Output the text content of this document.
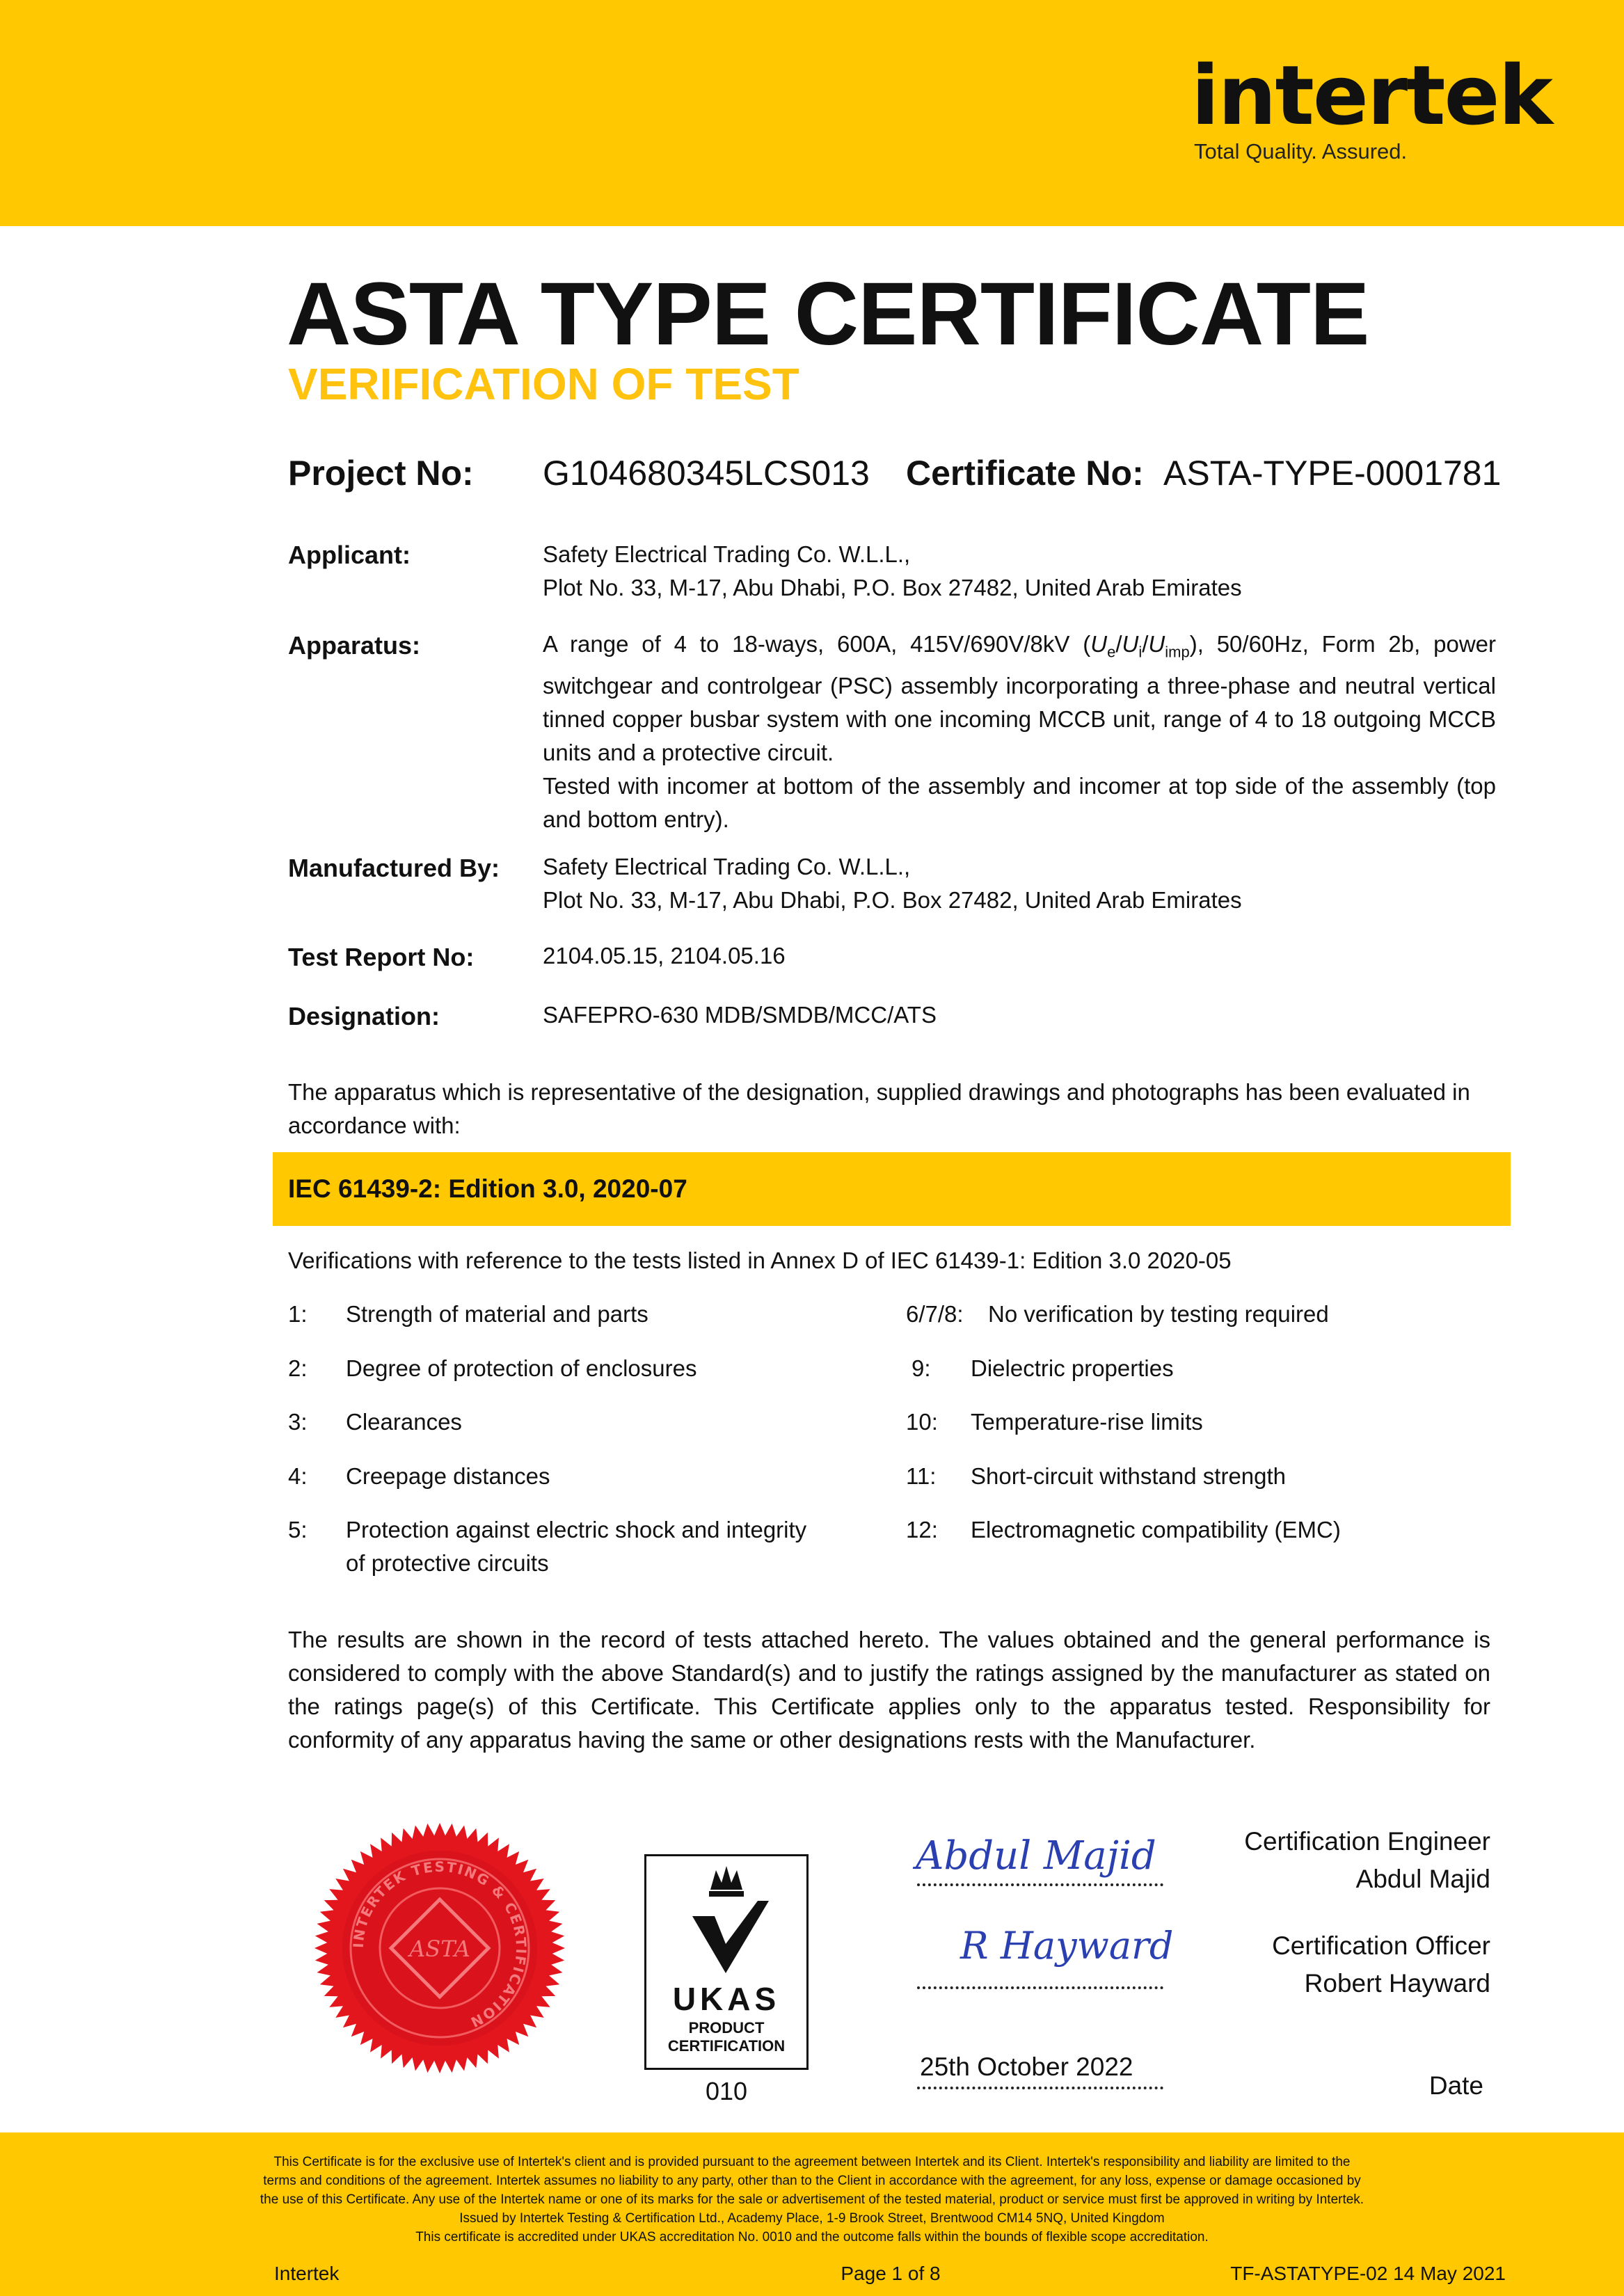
intertek
Total Quality. Assured.
ASTA TYPE CERTIFICATE
VERIFICATION OF TEST
Project No: G104680345LCS013 Certificate No: ASTA-TYPE-0001781
Applicant:	Safety Electrical Trading Co. W.L.L.,
Plot No. 33, M-17, Abu Dhabi, P.O. Box 27482, United Arab Emirates
Apparatus:	A range of 4 to 18-ways, 600A, 415V/690V/8kV $(U_e/U_i/U_{imp})$, 50/60Hz, Form 2b, power switchgear and controlgear (PSC) assembly incorporating a three-phase and neutral vertical tinned copper busbar system with one incoming MCCB unit, range of 4 to 18 outgoing MCCB units and a protective circuit.
Tested with incomer at bottom of the assembly and incomer at top side of the assembly (top and bottom entry).
Manufactured By: Safety Electrical Trading Co. W.L.L.,
Plot No. 33, M-17, Abu Dhabi, P.O. Box 27482, United Arab Emirates
Test Report No:	2104.05.15, 2104.05.16
Designation:	SAFEPRO-630 MDB/SMDB/MCC/ATS
The apparatus which is representative of the designation, supplied drawings and photographs has been evaluated in accordance with:
IEC 61439-2: Edition 3.0, 2020-07
Verifications with reference to the tests listed in Annex D of IEC 61439-1: Edition 3.0 2020-05
1: Strength of material and parts
2: Degree of protection of enclosures
3: Clearances
4: Creepage distances
5: Protection against electric shock and integrity
of protective circuits
6/7/8: No verification by testing required
9: Dielectric properties
10: Temperature-rise limits
11: Short-circuit withstand strength
12: Electromagnetic compatibility (EMC)
The results are shown in the record of tests attached hereto. The values obtained and the general performance is considered to comply with the above Standard(s) and to justify the ratings assigned by the manufacturer as stated on the ratings page(s) of this Certificate. This Certificate applies only to the apparatus tested. Responsibility for conformity of any apparatus having the same or other designations rests with the Manufacturer.
INTERTEK TESTING & CERTIFICATION
ASTA
UKAS
PRODUCT
CERTIFICATION
010
Abdul Majid
R Hayward
25th October 2022
Certification Engineer
Abdul Majid
Certification Officer
Robert Hayward
Date
This Certificate is for the exclusive use of Intertek's client and is provided pursuant to the agreement between Intertek and its Client. Intertek's responsibility and liability are limited to the
terms and conditions of the agreement. Intertek assumes no liability to any party, other than to the Client in accordance with the agreement, for any loss, expense or damage occasioned by
the use of this Certificate. Any use of the Intertek name or one of its marks for the sale or advertisement of the tested material, product or service must first be approved in writing by Intertek.
Issued by Intertek Testing & Certification Ltd., Academy Place, 1-9 Brook Street, Brentwood CM14 5NQ, United Kingdom
This certificate is accredited under UKAS accreditation No. 0010 and the outcome falls within the bounds of flexible scope accreditation.
Intertek	Page 1 of 8	TF-ASTATYPE-02 14 May 2021
